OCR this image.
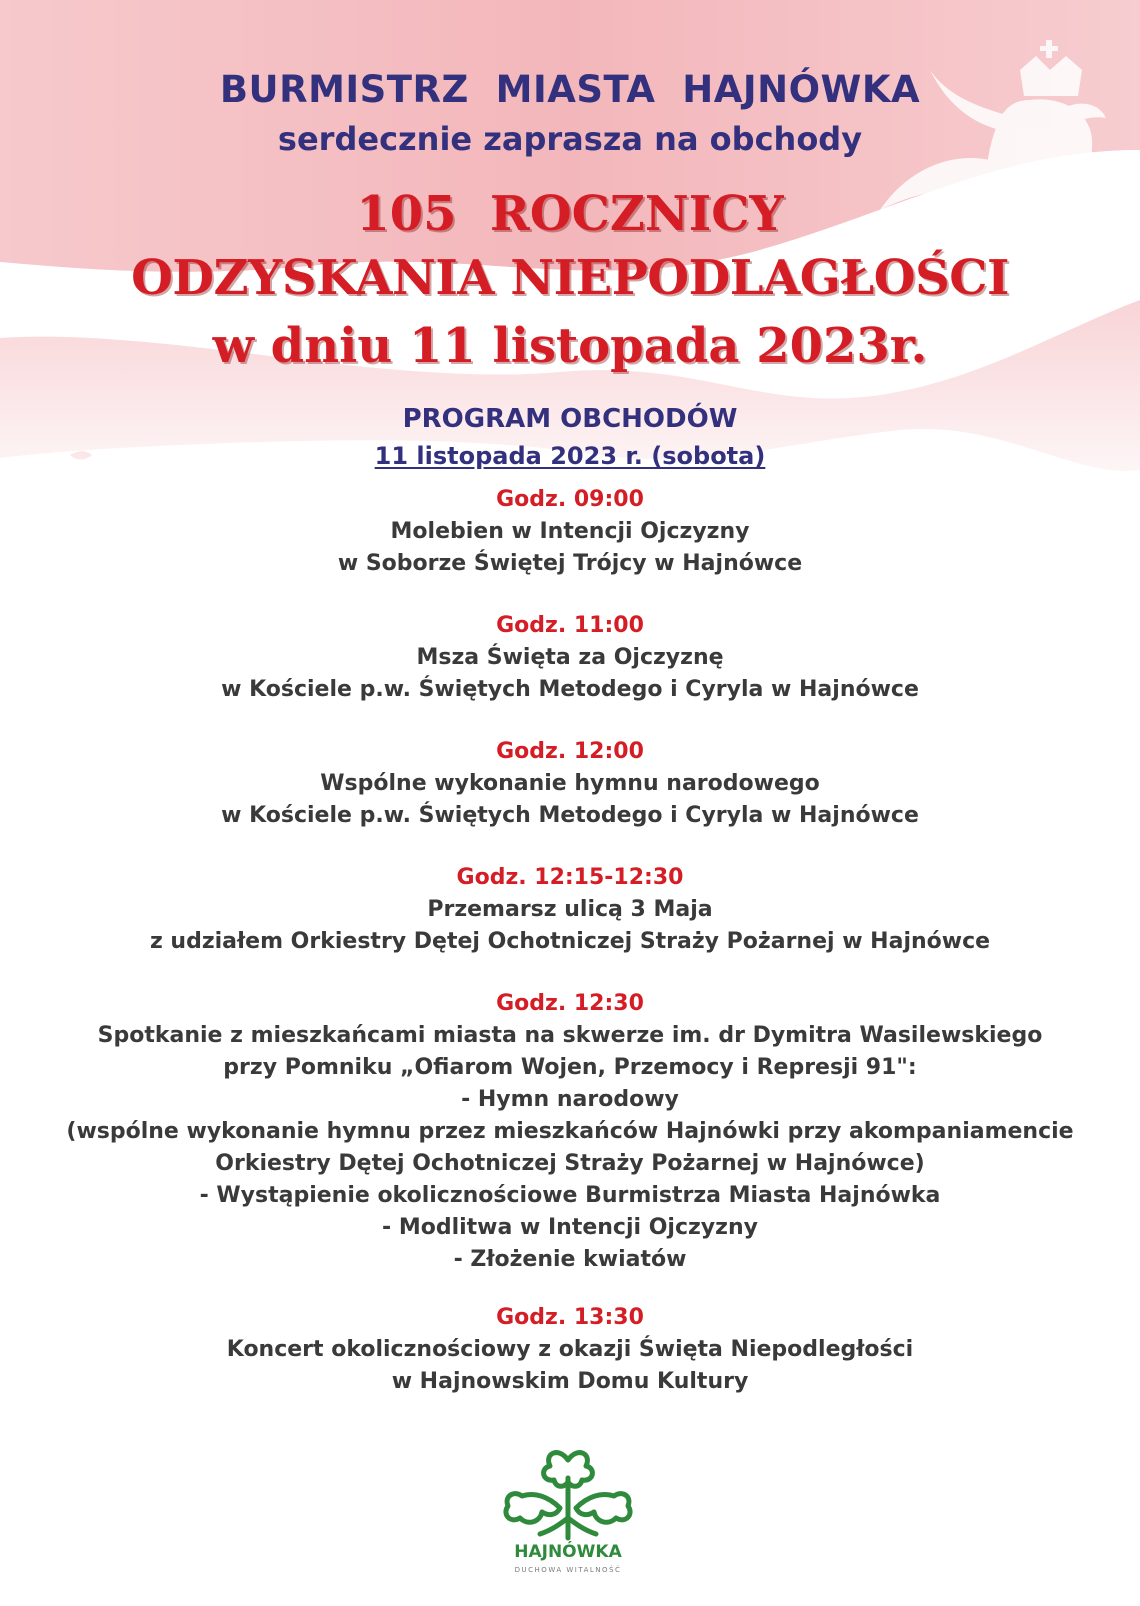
BURMISTRZ  MIASTA  HAJNÓWKA
serdecznie zaprasza na obchody
105  ROCZNICY
ODZYSKANIA NIEPODLAGŁOŚCI
w dniu 11 listopada 2023r.
PROGRAM OBCHODÓW
11 listopada 2023 r. (sobota)
Godz. 09:00
Molebien w Intencji Ojczyzny
w Soborze Świętej Trójcy w Hajnówce
Godz. 11:00
Msza Święta za Ojczyznę
w Kościele p.w. Świętych Metodego i Cyryla w Hajnówce
Godz. 12:00
Wspólne wykonanie hymnu narodowego
w Kościele p.w. Świętych Metodego i Cyryla w Hajnówce
Godz. 12:15-12:30
Przemarsz ulicą 3 Maja
z udziałem Orkiestry Dętej Ochotniczej Straży Pożarnej w Hajnówce
Godz. 12:30
Spotkanie z mieszkańcami miasta na skwerze im. dr Dymitra Wasilewskiego
przy Pomniku „Ofiarom Wojen, Przemocy i Represji 91":
- Hymn narodowy
(wspólne wykonanie hymnu przez mieszkańców Hajnówki przy akompaniamencie
Orkiestry Dętej Ochotniczej Straży Pożarnej w Hajnówce)
- Wystąpienie okolicznościowe Burmistrza Miasta Hajnówka
- Modlitwa w Intencji Ojczyzny
- Złożenie kwiatów
Godz. 13:30
Koncert okolicznościowy z okazji Święta Niepodległości
w Hajnowskim Domu Kultury
HAJNÓWKA
DUCHOWA WITALNOŚĆ
